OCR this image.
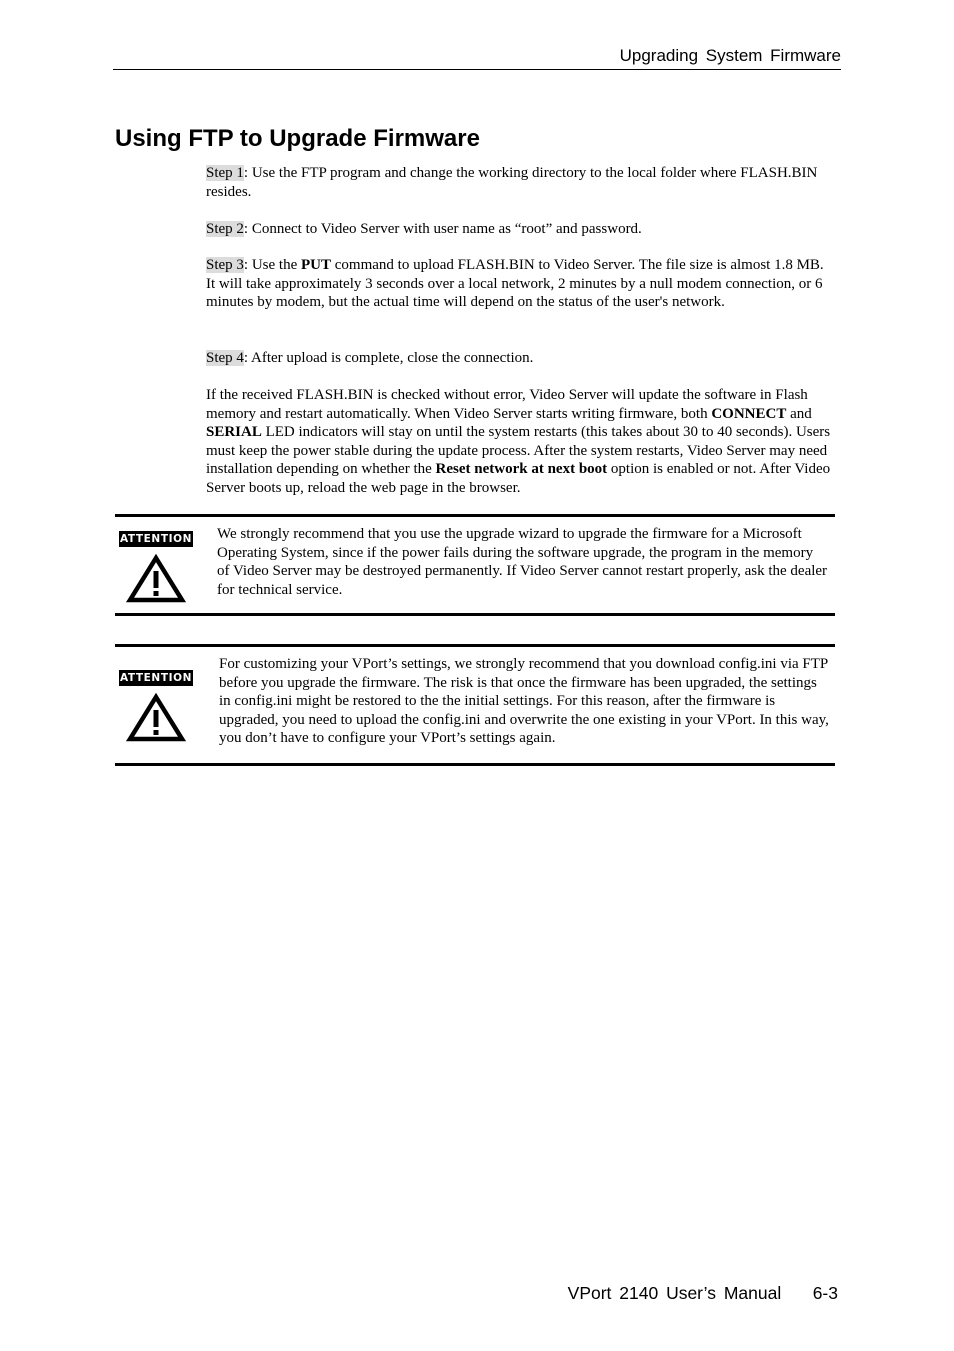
Upgrading System Firmware
Using FTP to Upgrade Firmware
Step 1: Use the FTP program and change the working directory to the local folder where FLASH.BIN resides.
Step 2: Connect to Video Server with user name as “root” and password.
Step 3: Use the PUT command to upload FLASH.BIN to Video Server. The file size is almost 1.8 MB. It will take approximately 3 seconds over a local network, 2 minutes by a null modem connection, or 6 minutes by modem, but the actual time will depend on the status of the user's network.
Step 4: After upload is complete, close the connection.
If the received FLASH.BIN is checked without error, Video Server will update the software in Flash memory and restart automatically. When Video Server starts writing firmware, both CONNECT and SERIAL LED indicators will stay on until the system restarts (this takes about 30 to 40 seconds). Users must keep the power stable during the update process. After the system restarts, Video Server may need installation depending on whether the Reset network at next boot option is enabled or not. After Video Server boots up, reload the web page in the browser.
ATTENTION We strongly recommend that you use the upgrade wizard to upgrade the firmware for a Microsoft Operating System, since if the power fails during the software upgrade, the program in the memory of Video Server may be destroyed permanently. If Video Server cannot restart properly, ask the dealer for technical service.
ATTENTION
For customizing your VPort’s settings, we strongly recommend that you download config.ini via FTP before you upgrade the firmware. The risk is that once the firmware has been upgraded, the settings in config.ini might be restored to the the initial settings. For this reason, after the firmware is upgraded, you need to upload the config.ini and overwrite the one existing in your VPort. In this way, you don’t have to configure your VPort’s settings again.
VPort 2140 User’s Manual 6-3
